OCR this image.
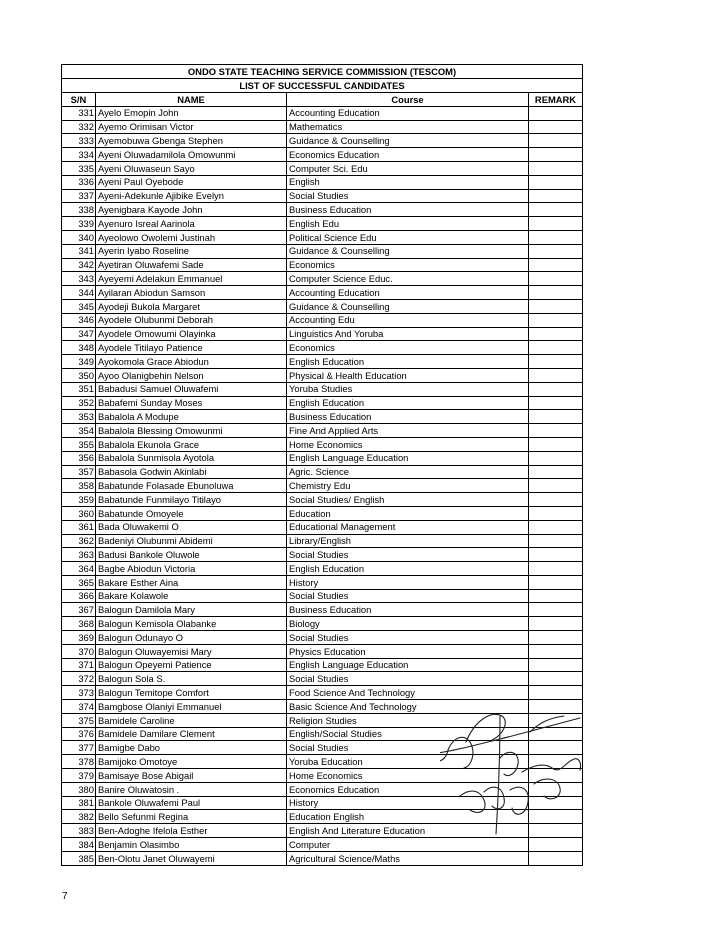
ONDO STATE TEACHING SERVICE COMMISSION (TESCOM)			
LIST OF SUCCESSFUL CANDIDATES			
S/N	NAME	Course	REMARK
331	Ayelo Emopin John	Accounting Education	
332	Ayemo Orimisan Victor	Mathematics	
333	Ayemobuwa Gbenga Stephen	Guidance & Counselling	
334	Ayeni Oluwadamilola Omowunmi	Economics Education	
335	Ayeni Oluwaseun Sayo	Computer Sci. Edu	
336	Ayeni Paul Oyebode	English	
337	Ayeni-Adekunle Ajibike Evelyn	Social Studies	
338	Ayenigbara Kayode John	Business Education	
339	Ayenuro Isreal Aarinola	English Edu	
340	Ayeolowo Owolemi Justinah	Political Science Edu	
341	Ayerin Iyabo Roseline	Guidance & Counselling	
342	Ayetiran Oluwafemi Sade	Economics	
343	Ayeyemi Adelakun Emmanuel	Computer Science Educ.	
344	Ayilaran Abiodun Samson	Accounting Education	
345	Ayodeji Bukola Margaret	Guidance & Counselling	
346	Ayodele Olubunmi Deborah	Accounting Edu	
347	Ayodele Omowumi Olayinka	Linguistics And Yoruba	
348	Ayodele Titilayo Patience	Economics	
349	Ayokomola Grace Abiodun	English Education	
350	Ayoo Olanigbehin Nelson	Physical & Health Education	
351	Babadusi Samuel Oluwafemi	Yoruba Studies	
352	Babafemi Sunday Moses	English Education	
353	Babalola A Modupe	Business Education	
354	Babalola Blessing Omowunmi	Fine And Applied Arts	
355	Babalola Ekunola Grace	Home Economics	
356	Babalola Sunmisola Ayotola	English Language Education	
357	Babasola Godwin Akinlabi	Agric. Science	
358	Babatunde Folasade Ebunoluwa	Chemistry Edu	
359	Babatunde Funmilayo Titilayo	Social Studies/ English	
360	Babatunde Omoyele	Education	
361	Bada Oluwakemi O	Educational Management	
362	Badeniyi Olubunmi Abidemi	Library/English	
363	Badusi Bankole Oluwole	Social Studies	
364	Bagbe Abiodun Victoria	English Education	
365	Bakare Esther Aina	History	
366	Bakare Kolawole	Social Studies	
367	Balogun Damilola Mary	Business Education	
368	Balogun Kemisola Olabanke	Biology	
369	Balogun Odunayo O	Social Studies	
370	Balogun Oluwayemisi Mary	Physics Education	
371	Balogun Opeyemi Patience	English Language Education	
372	Balogun Sola S.	Social Studies	
373	Balogun Temitope Comfort	Food Science And Technology	
374	Bamgbose Olaniyi Emmanuel	Basic Science And Technology	
375	Bamidele Caroline	Religion Studies	
376	Bamidele Damilare Clement	English/Social Studies	
377	Bamigbe Dabo	Social Studies	
378	Bamijoko Omotoye	Yoruba Education	
379	Bamisaye Bose Abigail	Home Economics	
380	Banire Oluwatosin .	Economics Education	
381	Bankole Oluwafemi Paul	History	
382	Bello Sefunmi Regina	Education English	
383	Ben-Adoghe Ifelola Esther	English And Literature Education	
384	Benjamin Olasimbo	Computer	
385	Ben-Olotu Janet Oluwayemi	Agricultural Science/Maths	
7
